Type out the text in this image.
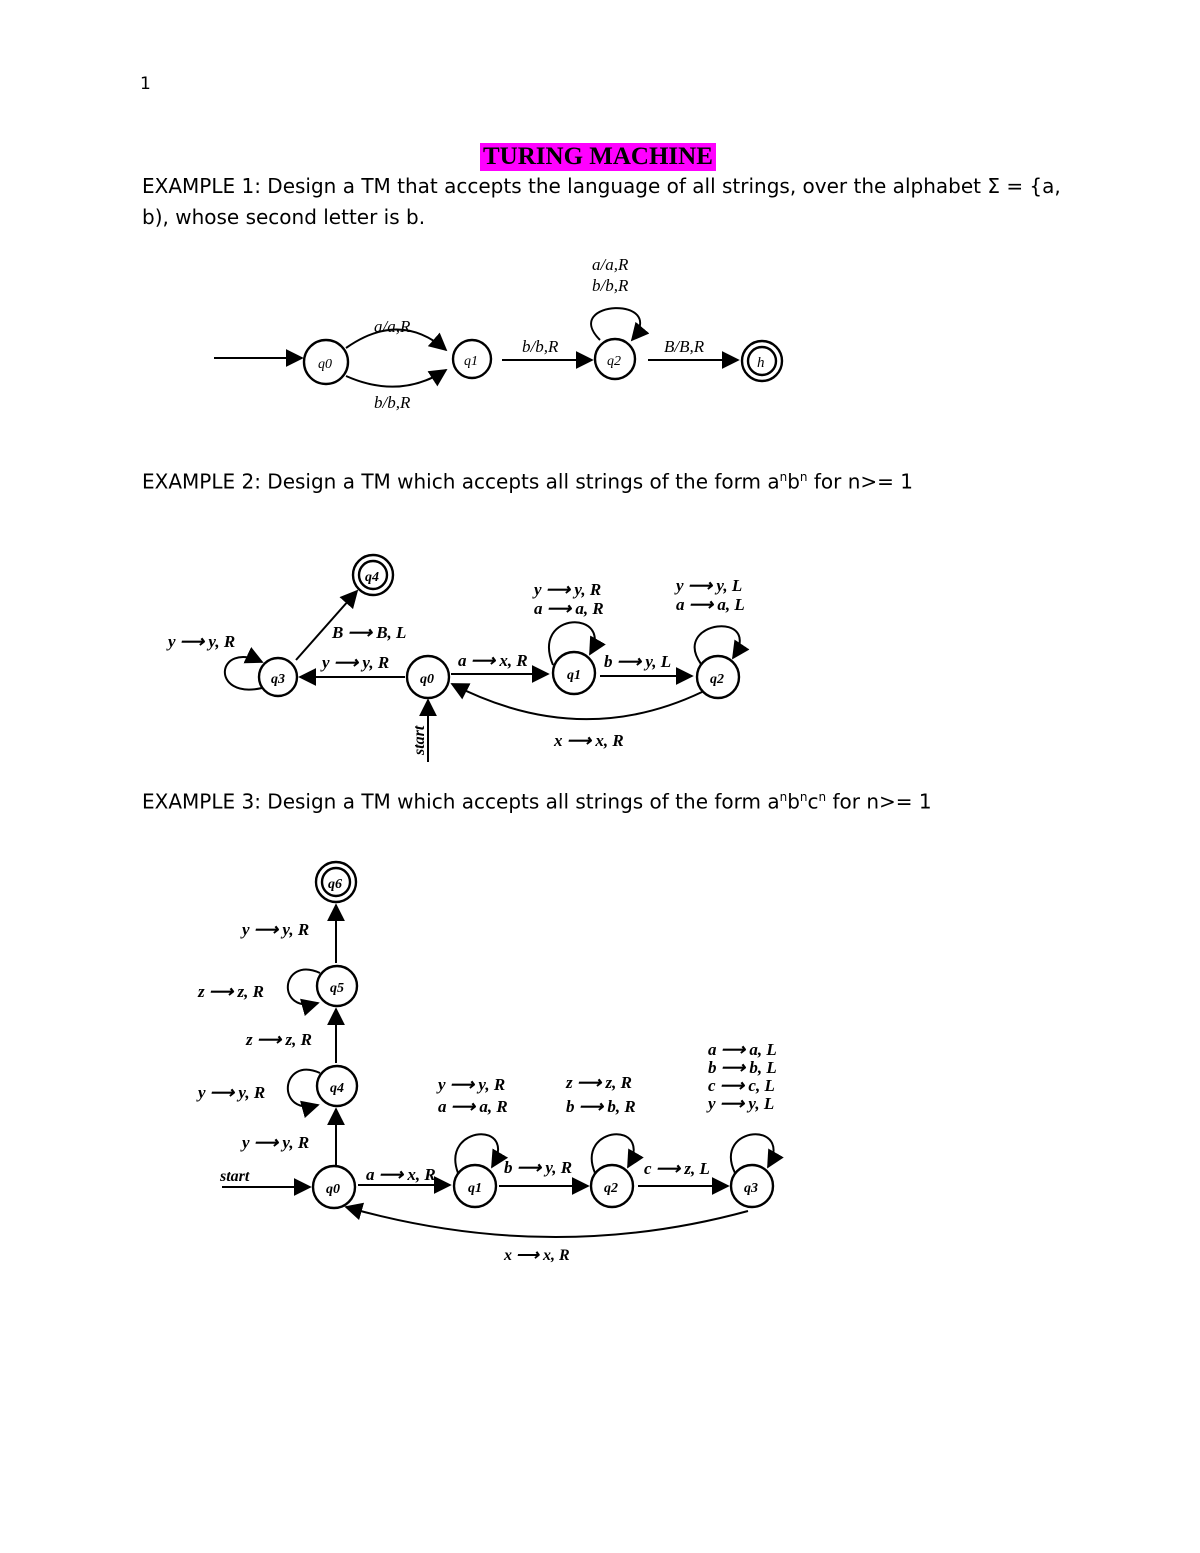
1
TURING MACHINE
EXAMPLE 1: Design a TM that accepts the language of all strings, over the alphabet Σ = {a, b), whose second letter is b.
q0
a/a,R
b/b,R
q1
b/b,R
q2
a/a,R
b/b,R
B/B,R
h
EXAMPLE 2: Design a TM which accepts all strings of the form $a^nb^n$ for n>= 1
q4
q3
y ⟶ y, R	B ⟶ B, L
q0
y ⟶ y, R
start
a ⟶ x, R
q1
y ⟶ y, R
a ⟶ a, R
b ⟶ y, L
q2
y ⟶ y, L
a ⟶ a, L
x ⟶ x, R
EXAMPLE 3: Design a TM which accepts all strings of the form $a^nb^nc^n$ for n>= 1
q6
y ⟶ y, R
q5
z ⟶ z, R
z ⟶ z, R
q4
y ⟶ y, R
y ⟶ y, R
q0
start	a ⟶ x, R
q1
y ⟶ y, R
a ⟶ a, R
b ⟶ y, R
q2
z ⟶ z, R
b ⟶ b, R
c ⟶ z, L
q3
a ⟶ a, L
b ⟶ b, L
c ⟶ c, L
y ⟶ y, L
x ⟶ x, R
